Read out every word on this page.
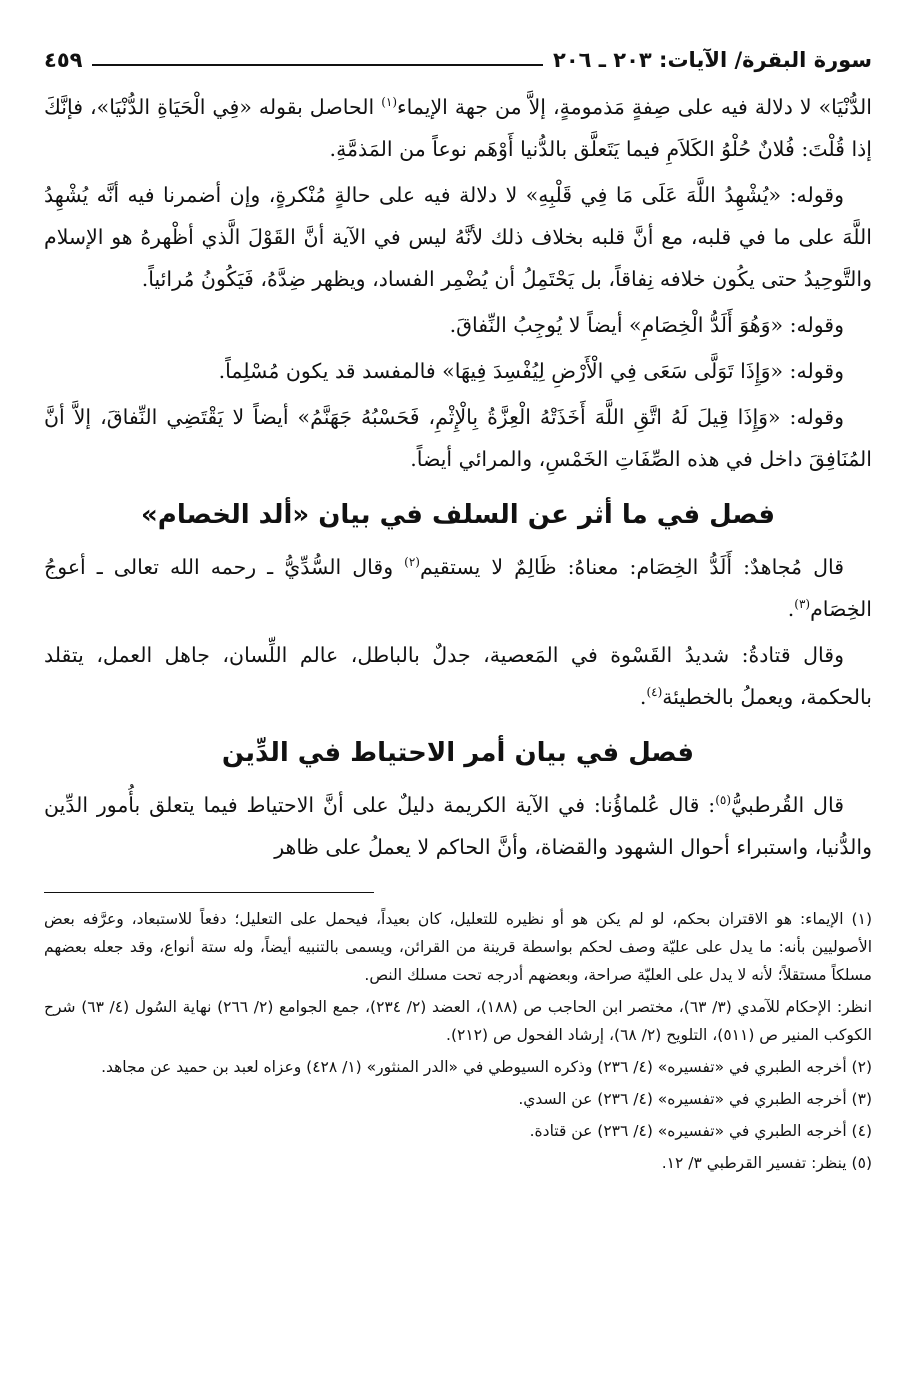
سورة البقرة/ الآيات: ٢٠٣ ـ ٢٠٦
٤٥٩

الدُّنْيَا» لا دلالة فيه على صِفةٍ مَذمومةٍ، إلاَّ من جهة الإيماء$^{(١)}$ الحاصل بقوله «فِي الْحَيَاةِ الدُّنْيَا»، فإنَّكَ إذا قُلْتَ: فُلانٌ حُلْوُ الكَلاَمِ فيما يَتَعلَّق بالدُّنيا أَوْهَم نوعاً من المَذمَّةِ.

وقوله: «يُشْهِدُ اللَّهَ عَلَى مَا فِي قَلْبِهِ» لا دلالة فيه على حالةٍ مُنْكرةٍ، وإن أضمرنا فيه أنَّه يُشْهِدُ اللَّهَ على ما في قلبه، مع أنَّ قلبه بخلاف ذلك لأنَّهُ ليس في الآية أنَّ القَوْلَ الَّذي أظْهرهُ هو الإسلام والتَّوحِيدُ حتى يكُون خلافه نِفاقاً، بل يَحْتَمِلُ أن يُضْمِر الفساد، ويظهر ضِدَّهُ، فَيَكُونُ مُرائياً.

وقوله: «وَهُوَ أَلَدُّ الْخِصَامِ» أيضاً لا يُوجِبُ النِّفاقَ.

وقوله: «وَإِذَا تَوَلَّى سَعَى فِي الْأَرْضِ لِيُفْسِدَ فِيهَا» فالمفسد قد يكون مُسْلِماً.

وقوله: «وَإِذَا قِيلَ لَهُ اتَّقِ اللَّهَ أَخَذَتْهُ الْعِزَّةُ بِالْإِثْمِ، فَحَسْبُهُ جَهَنَّمُ» أيضاً لا يَقْتَضِي النِّفاقَ، إلاَّ أنَّ المُنَافِقَ داخل في هذه الصِّفَاتِ الخَمْسِ، والمرائي أيضاً.

فصل في ما أثر عن السلف في بيان «ألد الخصام»

قال مُجاهدٌ: أَلَدُّ الخِصَام: معناهُ: ظَالِمٌ لا يستقيم$^{(٢)}$ وقال السُّدِّيُّ ـ رحمه الله تعالى ـ أعوجُ الخِصَام$^{(٣)}$.

وقال قتادةُ: شديدُ القَسْوة في المَعصية، جدلٌ بالباطل، عالم اللِّسان، جاهل العمل، يتقلد بالحكمة، ويعملُ بالخطيئة$^{(٤)}$.

فصل في بيان أمر الاحتياط في الدِّين

قال القُرطبيُّ$^{(٥)}$: قال عُلماؤُنا: في الآية الكريمة دليلٌ على أنَّ الاحتياط فيما يتعلق بأُمور الدِّين والدُّنيا، واستبراء أحوال الشهود والقضاة، وأنَّ الحاكم لا يعملُ على ظاهر

(١) الإيماء: هو الاقتران بحكم، لو لم يكن هو أو نظيره للتعليل، كان بعيداً، فيحمل على التعليل؛ دفعاً للاستبعاد، وعرَّفه بعض الأصوليين بأنه: ما يدل على عليّة وصف لحكم بواسطة قرينة من القرائن، ويسمى بالتنبيه أيضاً، وله ستة أنواع، وقد جعله بعضهم مسلكاً مستقلاً؛ لأنه لا يدل على العليّة صراحة، وبعضهم أدرجه تحت مسلك النص.

انظر: الإحكام للآمدي (٣/ ٦٣)، مختصر ابن الحاجب ص (١٨٨)، العضد (٢/ ٢٣٤)، جمع الجوامع (٢/ ٢٦٦) نهاية السُول (٤/ ٦٣) شرح الكوكب المنير ص (٥١١)، التلويح (٢/ ٦٨)، إرشاد الفحول ص (٢١٢).

(٢) أخرجه الطبري في «تفسيره» (٤/ ٢٣٦) وذكره السيوطي في «الدر المنثور» (١/ ٤٢٨) وعزاه لعبد بن حميد عن مجاهد.

(٣) أخرجه الطبري في «تفسيره» (٤/ ٢٣٦) عن السدي.

(٤) أخرجه الطبري في «تفسيره» (٤/ ٢٣٦) عن قتادة.

(٥) ينظر: تفسير القرطبي ٣/ ١٢.
